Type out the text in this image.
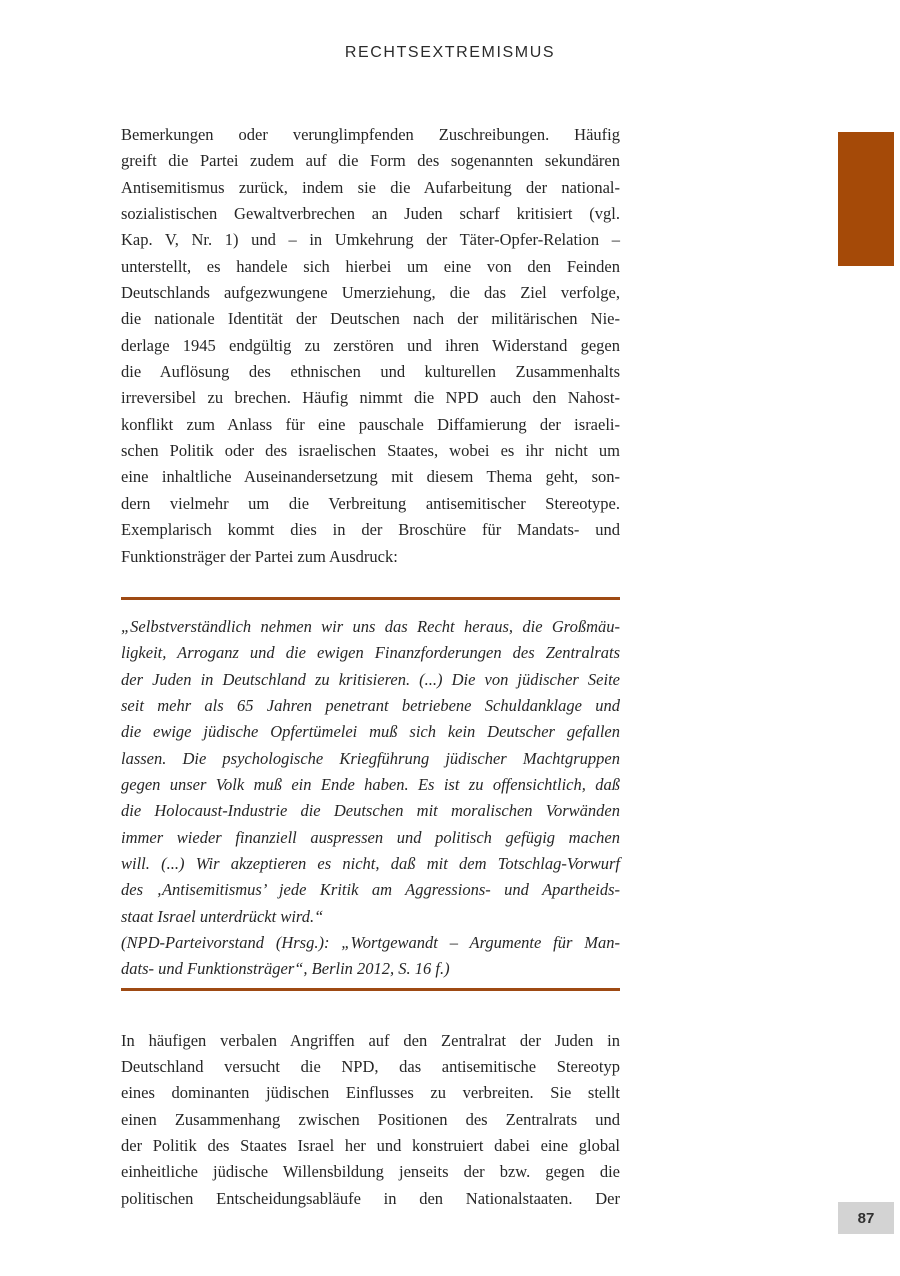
RECHTSEXTREMISMUS
Bemerkungen oder verunglimpfenden Zuschreibungen. Häufig
greift die Partei zudem auf die Form des sogenannten sekundären
Antisemitismus zurück, indem sie die Aufarbeitung der national-
sozialistischen Gewaltverbrechen an Juden scharf kritisiert (vgl.
Kap. V, Nr. 1) und – in Umkehrung der Täter-Opfer-Relation –
unterstellt, es handele sich hierbei um eine von den Feinden
Deutschlands aufgezwungene Umerziehung, die das Ziel verfolge,
die nationale Identität der Deutschen nach der militärischen Nie-
derlage 1945 endgültig zu zerstören und ihren Widerstand gegen
die Auflösung des ethnischen und kulturellen Zusammenhalts
irreversibel zu brechen. Häufig nimmt die NPD auch den Nahost-
konflikt zum Anlass für eine pauschale Diffamierung der israeli-
schen Politik oder des israelischen Staates, wobei es ihr nicht um
eine inhaltliche Auseinandersetzung mit diesem Thema geht, son-
dern vielmehr um die Verbreitung antisemitischer Stereotype.
Exemplarisch kommt dies in der Broschüre für Mandats- und
Funktionsträger der Partei zum Ausdruck:
„Selbstverständlich nehmen wir uns das Recht heraus, die Großmäu-
ligkeit, Arroganz und die ewigen Finanzforderungen des Zentralrats
der Juden in Deutschland zu kritisieren. (...) Die von jüdischer Seite
seit mehr als 65 Jahren penetrant betriebene Schuldanklage und
die ewige jüdische Opfertümelei muß sich kein Deutscher gefallen
lassen. Die psychologische Kriegführung jüdischer Machtgruppen
gegen unser Volk muß ein Ende haben. Es ist zu offensichtlich, daß
die Holocaust-Industrie die Deutschen mit moralischen Vorwänden
immer wieder finanziell auspressen und politisch gefügig machen
will. (...) Wir akzeptieren es nicht, daß mit dem Totschlag-Vorwurf
des ‚Antisemitismus’ jede Kritik am Aggressions- und Apartheids-
staat Israel unterdrückt wird.“
(NPD-Parteivorstand (Hrsg.): „Wortgewandt – Argumente für Man-
dats- und Funktionsträger“, Berlin 2012, S. 16 f.)
In häufigen verbalen Angriffen auf den Zentralrat der Juden in
Deutschland versucht die NPD, das antisemitische Stereotyp
eines dominanten jüdischen Einflusses zu verbreiten. Sie stellt
einen Zusammenhang zwischen Positionen des Zentralrats und
der Politik des Staates Israel her und konstruiert dabei eine global
einheitliche jüdische Willensbildung jenseits der bzw. gegen die
politischen Entscheidungsabläufe in den Nationalstaaten. Der
87
